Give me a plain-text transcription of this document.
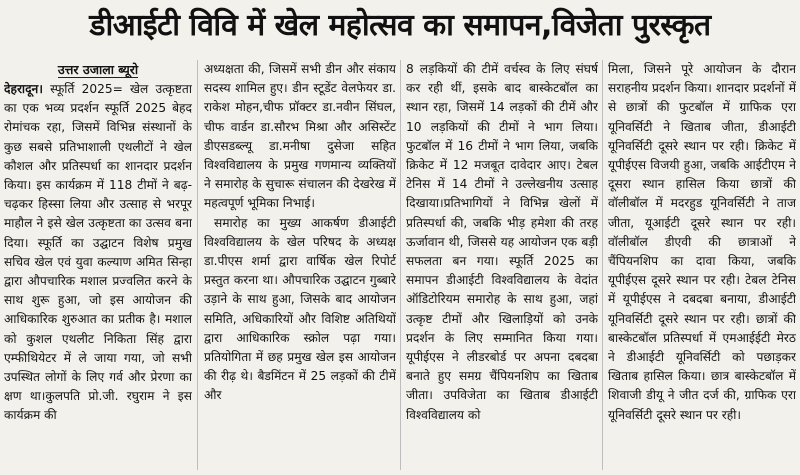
डीआईटी विवि में खेल महोत्सव का समापन,विजेता पुरस्कृत
उत्तर उजाला ब्यूरो

देहरादून। स्फूर्ति 2025= खेल उत्कृष्टता का एक भव्य प्रदर्शन स्फूर्ति 2025 बेहद रोमांचक रहा, जिसमें विभिन्न संस्थानों के कुछ सबसे प्रतिभाशाली एथलीटों ने खेल कौशल और प्रतिस्पर्धा का शानदार प्रदर्शन किया। इस कार्यक्रम में 118 टीमों ने बढ़-चढ़कर हिस्सा लिया और उत्साह से भरपूर माहौल ने इसे खेल उत्कृष्टता का उत्सव बना दिया। स्फूर्ति का उद्घाटन विशेष प्रमुख सचिव खेल एवं युवा कल्याण अमित सिन्हा द्वारा औपचारिक मशाल प्रज्वलित करने के साथ शुरू हुआ, जो इस आयोजन की आधिकारिक शुरुआत का प्रतीक है। मशाल को कुशल एथलीट निकिता सिंह द्वारा एम्फीथियेटर में ले जाया गया, जो सभी उपस्थित लोगों के लिए गर्व और प्रेरणा का क्षण था।कुलपति प्रो.जी. रघुराम ने इस कार्यक्रम की

अध्यक्षता की, जिसमें सभी डीन और संकाय सदस्य शामिल हुए। डीन स्टूडेंट वेलफेयर डा. राकेश मोहन,चीफ प्रॉक्टर डा.नवीन सिंघल, चीफ वार्डन डा.सौरभ मिश्रा और असिस्टेंट डीएसडब्ल्यू डा.मनीषा दुसेजा सहित विश्वविद्यालय के प्रमुख गणमान्य व्यक्तियों ने समारोह के सुचारू संचालन की देखरेख में महत्वपूर्ण भूमिका निभाई।

समारोह का मुख्य आकर्षण डीआईटी विश्वविद्यालय के खेल परिषद के अध्यक्ष डा.पीएस शर्मा द्वारा वार्षिक खेल रिपोर्ट प्रस्तुत करना था। औपचारिक उद्घाटन गुब्बारे उड़ाने के साथ हुआ, जिसके बाद आयोजन समिति, अधिकारियों और विशिष्ट अतिथियों द्वारा आधिकारिक स्क्रोल पढ़ा गया। प्रतियोगिता में छह प्रमुख खेल इस आयोजन की रीढ़ थे। बैडमिंटन में 25 लड़कों की टीमें और

8 लड़कियों की टीमें वर्चस्व के लिए संघर्ष कर रही थीं, इसके बाद बास्केटबॉल का स्थान रहा, जिसमें 14 लड़कों की टीमें और 10 लड़कियों की टीमों ने भाग लिया। फुटबॉल में 16 टीमों ने भाग लिया, जबकि क्रिकेट में 12 मजबूत दावेदार आए। टेबल टेनिस में 14 टीमों ने उल्लेखनीय उत्साह दिखाया।प्रतिभागियों ने विभिन्न खेलों में प्रतिस्पर्धा की, जबकि भीड़ हमेशा की तरह ऊर्जावान थी, जिससे यह आयोजन एक बड़ी सफलता बन गया। स्फूर्ति 2025 का समापन डीआईटी विश्वविद्यालय के वेदांत ऑडिटोरियम समारोह के साथ हुआ, जहां उत्कृष्ट टीमों और खिलाड़ियों को उनके प्रदर्शन के लिए सम्मानित किया गया। यूपीईएस ने लीडरबोर्ड पर अपना दबदबा बनाते हुए समग्र चैंपियनशिप का खिताब जीता। उपविजेता का खिताब डीआईटी विश्वविद्यालय को

मिला, जिसने पूरे आयोजन के दौरान सराहनीय प्रदर्शन किया। शानदार प्रदर्शनों में से छात्रों की फुटबॉल में ग्राफिक एरा यूनिवर्सिटी ने खिताब जीता, डीआईटी यूनिवर्सिटी दूसरे स्थान पर रही। क्रिकेट में यूपीईएस विजयी हुआ, जबकि आईटीएम ने दूसरा स्थान हासिल किया छात्रों की वॉलीबॉल में मदरहुड यूनिवर्सिटी ने ताज जीता, यूआईटी दूसरे स्थान पर रही। वॉलीबॉल डीएवी की छात्राओं ने चैंपियनशिप का दावा किया, जबकि यूपीईएस दूसरे स्थान पर रही। टेबल टेनिस में यूपीईएस ने दबदबा बनाया, डीआईटी यूनिवर्सिटी दूसरे स्थान पर रही। छात्रों की बास्केटबॉल प्रतिस्पर्धा में एमआईईटी मेरठ ने डीआईटी यूनिवर्सिटी को पछाड़कर खिताब हासिल किया। छात्र बास्केटबॉल में शिवाजी डीयू ने जीत दर्ज की, ग्राफिक एरा यूनिवर्सिटी दूसरे स्थान पर रही।
